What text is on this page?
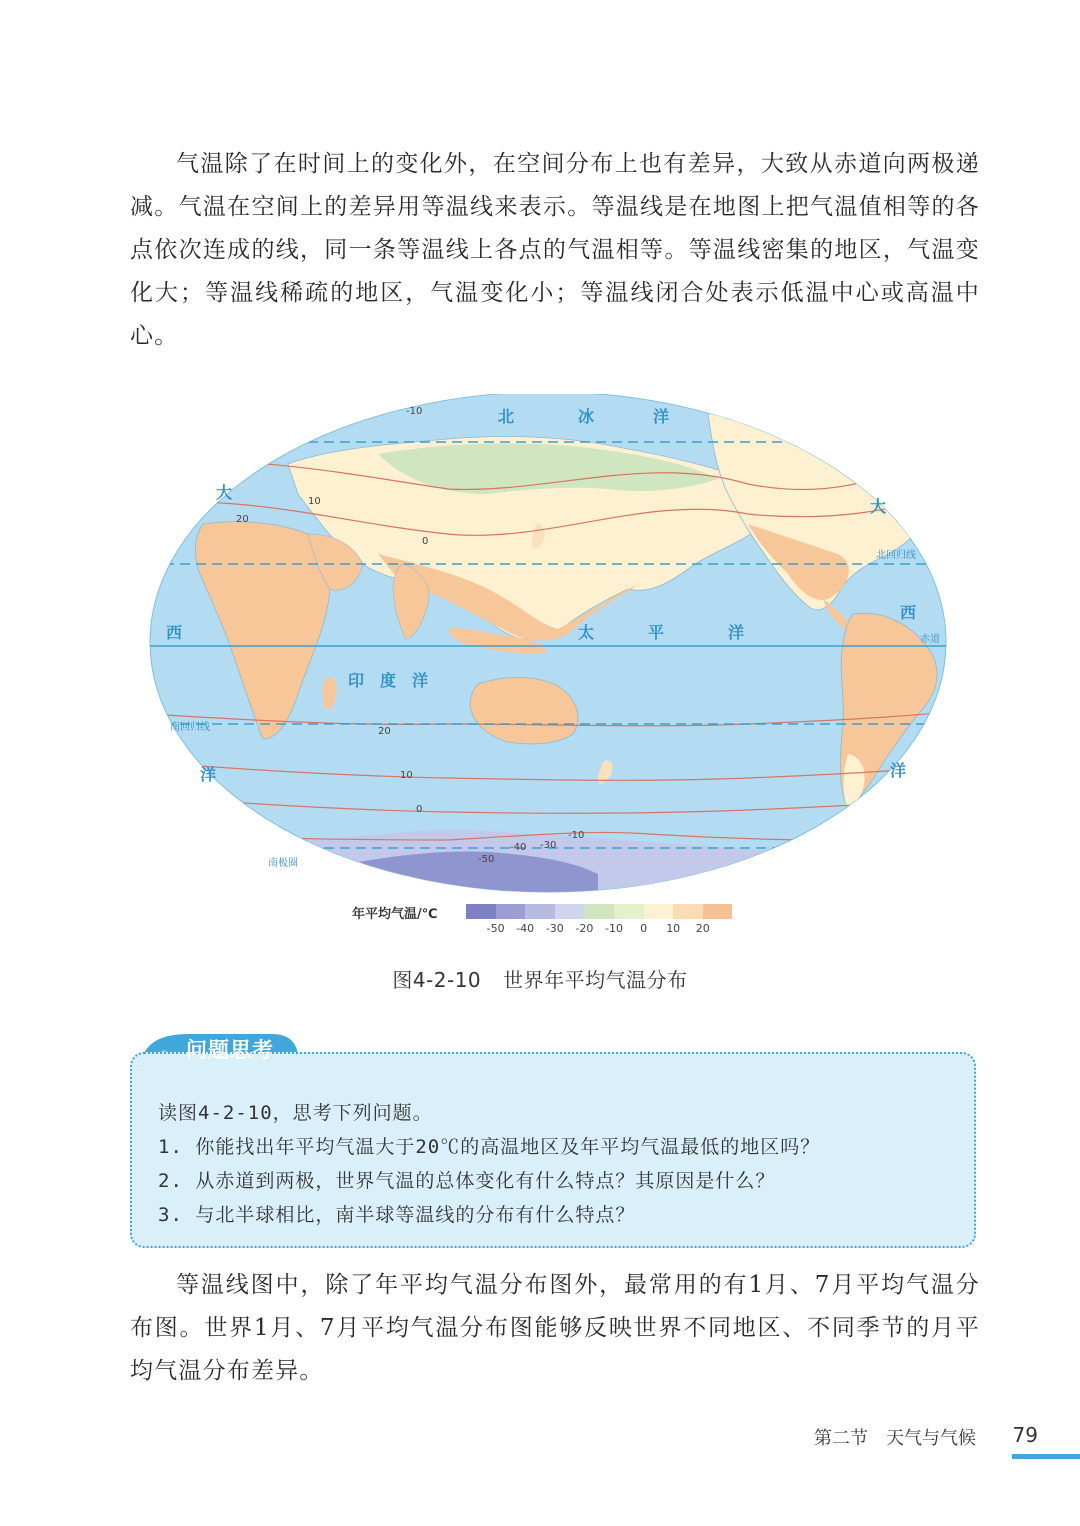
气温除了在时间上的变化外，在空间分布上也有差异，大致从赤道向两极递减。气温在空间上的差异用等温线来表示。等温线是在地图上把气温值相等的各点依次连成的线，同一条等温线上各点的气温相等。等温线密集的地区，气温变化大；等温线稀疏的地区，气温变化小；等温线闭合处表示低温中心或高温中心。

北	冰	洋
太	平	洋
印 度 洋
大
西
洋
大
西
洋
北回归线
赤道
南回归线
南极圈
-10
10
0
20
20
10
0
-10
-40 -30
-50
年平均气温/℃
-50 -40 -30 -20 -10 0 10 20
图4-2-10 世界年平均气温分布
问题思考
读图4-2-10，思考下列问题。
1. 你能找出年平均气温大于20℃的高温地区及年平均气温最低的地区吗？
2. 从赤道到两极，世界气温的总体变化有什么特点？其原因是什么？
3. 与北半球相比，南半球等温线的分布有什么特点？

等温线图中，除了年平均气温分布图外，最常用的有1月、7月平均气温分布图。世界1月、7月平均气温分布图能够反映世界不同地区、不同季节的月平均气温分布差异。

第二节　天气与气候 79
